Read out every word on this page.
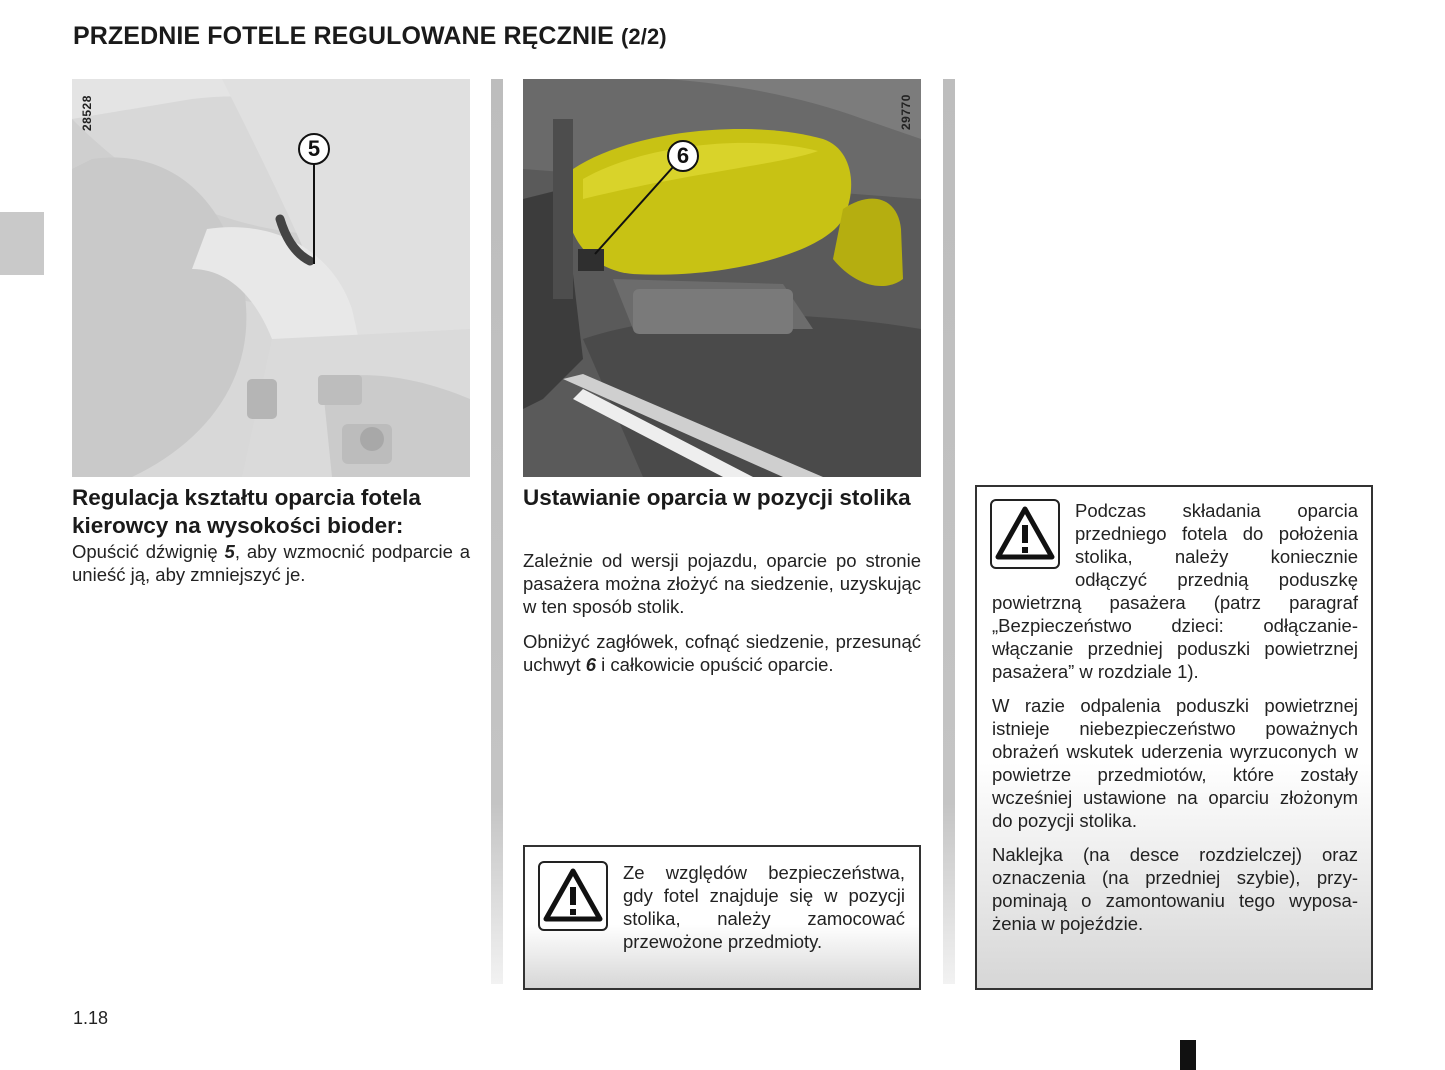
PRZEDNIE FOTELE REGULOWANE RĘCZNIE (2/2)
5
28528
Regulacja kształtu oparcia fotela kierowcy na wysokości bioder:

Opuścić dźwignię 5, aby wzmocnić podparcie a unieść ją, aby zmniejszyć je.

6
29770
Ustawianie oparcia w pozycji stolika

Zależnie od wersji pojazdu, oparcie po stronie pasażera można złożyć na siedzenie, uzyskując w ten sposób stolik.

Obniżyć zagłówek, cofnąć siedzenie, przesunąć uchwyt 6 i całkowicie opuścić oparcie.

Ze względów bezpieczeństwa, gdy fotel znajduje się w pozycji stolika, należy zamocować przewożone przedmioty.

Podczas składania oparcia przedniego fotela do położenia stolika, należy koniecznie odłączyć przednią poduszkę powietrzną pasażera (patrz paragraf „Bezpieczeństwo dzieci: odłączanie-włączanie przedniej poduszki powietrznej pasażera” w rozdziale 1).

W razie odpalenia poduszki powietrznej istnieje niebezpieczeństwo poważnych obrażeń wskutek uderzenia wyrzuconych w powietrze przedmiotów, które zostały wcześniej ustawione na oparciu złożonym do pozycji stolika.

Naklejka (na desce rozdzielczej) oraz oznaczenia (na przedniej szybie), przypominają o zamontowaniu tego wyposażenia w pojeździe.

1.18
